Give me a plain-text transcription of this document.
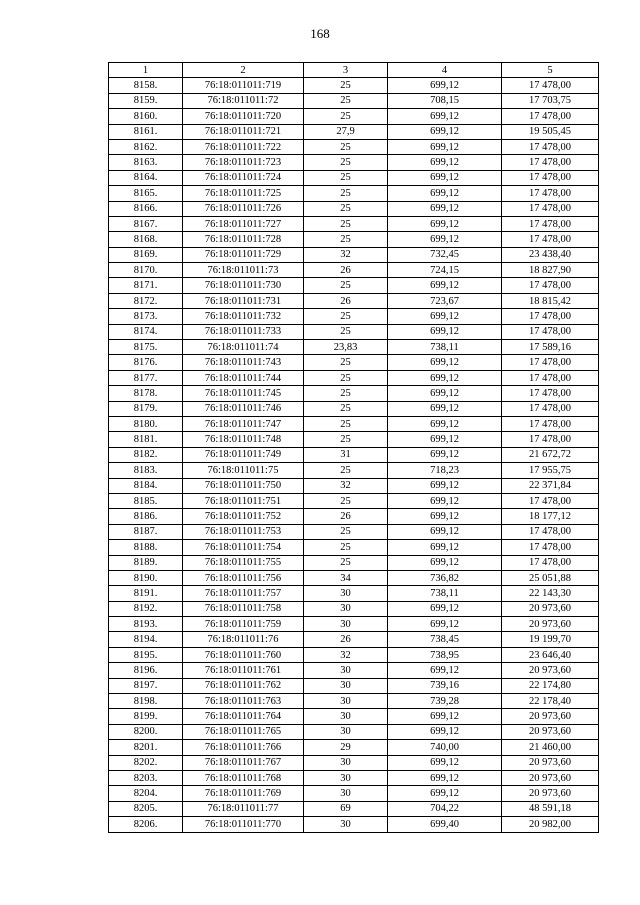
168
1	2	3	4	5
8158.	76:18:011011:719	25	699,12	17 478,00
8159.	76:18:011011:72	25	708,15	17 703,75
8160.	76:18:011011:720	25	699,12	17 478,00
8161.	76:18:011011:721	27,9	699,12	19 505,45
8162.	76:18:011011:722	25	699,12	17 478,00
8163.	76:18:011011:723	25	699,12	17 478,00
8164.	76:18:011011:724	25	699,12	17 478,00
8165.	76:18:011011:725	25	699,12	17 478,00
8166.	76:18:011011:726	25	699,12	17 478,00
8167.	76:18:011011:727	25	699,12	17 478,00
8168.	76:18:011011:728	25	699,12	17 478,00
8169.	76:18:011011:729	32	732,45	23 438,40
8170.	76:18:011011:73	26	724,15	18 827,90
8171.	76:18:011011:730	25	699,12	17 478,00
8172.	76:18:011011:731	26	723,67	18 815,42
8173.	76:18:011011:732	25	699,12	17 478,00
8174.	76:18:011011:733	25	699,12	17 478,00
8175.	76:18:011011:74	23,83	738,11	17 589,16
8176.	76:18:011011:743	25	699,12	17 478,00
8177.	76:18:011011:744	25	699,12	17 478,00
8178.	76:18:011011:745	25	699,12	17 478,00
8179.	76:18:011011:746	25	699,12	17 478,00
8180.	76:18:011011:747	25	699,12	17 478,00
8181.	76:18:011011:748	25	699,12	17 478,00
8182.	76:18:011011:749	31	699,12	21 672,72
8183.	76:18:011011:75	25	718,23	17 955,75
8184.	76:18:011011:750	32	699,12	22 371,84
8185.	76:18:011011:751	25	699,12	17 478,00
8186.	76:18:011011:752	26	699,12	18 177,12
8187.	76:18:011011:753	25	699,12	17 478,00
8188.	76:18:011011:754	25	699,12	17 478,00
8189.	76:18:011011:755	25	699,12	17 478,00
8190.	76:18:011011:756	34	736,82	25 051,88
8191.	76:18:011011:757	30	738,11	22 143,30
8192.	76:18:011011:758	30	699,12	20 973,60
8193.	76:18:011011:759	30	699,12	20 973,60
8194.	76:18:011011:76	26	738,45	19 199,70
8195.	76:18:011011:760	32	738,95	23 646,40
8196.	76:18:011011:761	30	699,12	20 973,60
8197.	76:18:011011:762	30	739,16	22 174,80
8198.	76:18:011011:763	30	739,28	22 178,40
8199.	76:18:011011:764	30	699,12	20 973,60
8200.	76:18:011011:765	30	699,12	20 973,60
8201.	76:18:011011:766	29	740,00	21 460,00
8202.	76:18:011011:767	30	699,12	20 973,60
8203.	76:18:011011:768	30	699,12	20 973,60
8204.	76:18:011011:769	30	699,12	20 973,60
8205.	76:18:011011:77	69	704,22	48 591,18
8206.	76:18:011011:770	30	699,40	20 982,00
